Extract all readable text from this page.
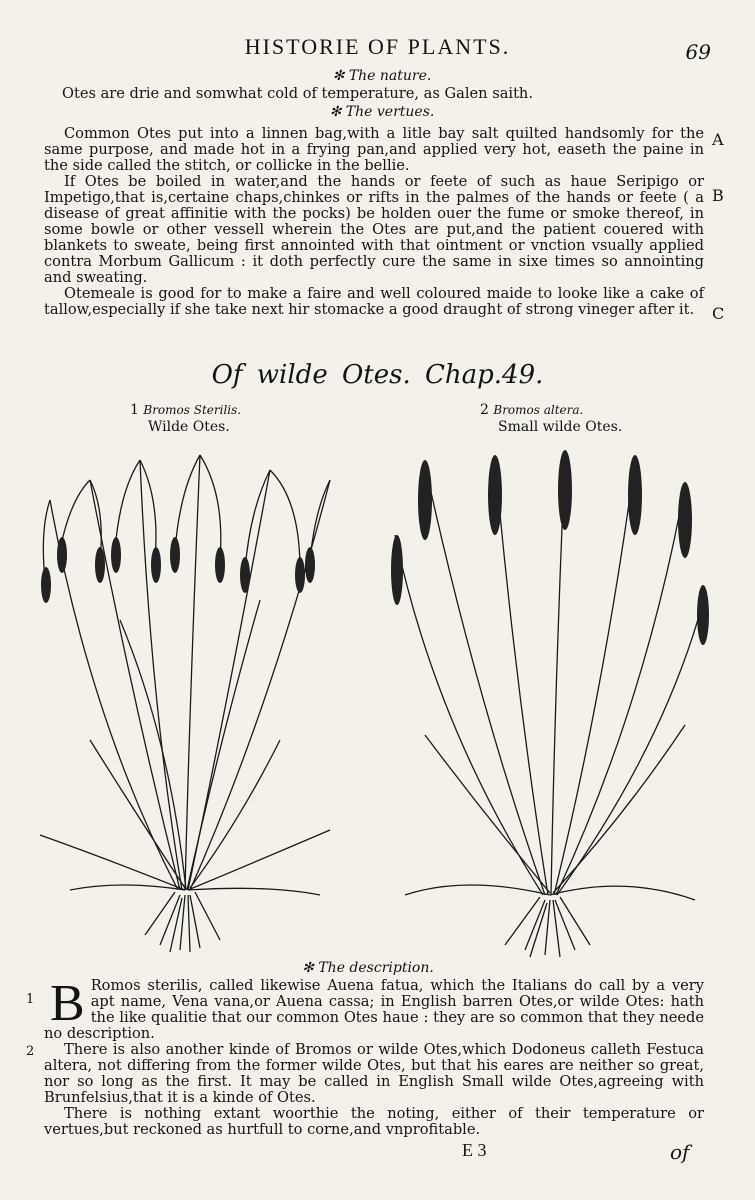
HISTORIE OF PLANTS.	69
✻ The nature.

Otes are drie and somwhat cold of temperature, as Galen saith.

✻ The vertues.

Common Otes put into a linnen bag,with a litle bay salt quilted handsomly for the same purpose, and made hot in a frying pan,and applied very hot, easeth the paine in the side called the stitch, or collicke in the bellie.

If Otes be boiled in water,and the hands or feete of such as haue Seripigo or Impetigo,that is,certaine chaps,chinkes or rifts in the palmes of the hands or feete ( a disease of great affinitie with the pocks) be holden ouer the fume or smoke thereof, in some bowle or other vessell wherein the Otes are put,and the patient couered with blankets to sweate, being first annointed with that ointment or vnction vsually applied contra Morbum Gallicum : it doth perfectly cure the same in sixe times so annointing and sweating.

Otemeale is good for to make a faire and well coloured maide to looke like a cake of tallow,especially if she take next hir stomacke a good draught of strong vineger after it.

A
B
C
Of wilde Otes. Chap.49.
1 Bromos Sterilis.
Wilde Otes.
2 Bromos altera.
Small wilde Otes.
✻ The description.
1 B Romos sterilis, called likewise Auena fatua, which the Italians do call by a very apt name, Vena vana,or Auena cassa; in English barren Otes,or wilde Otes: hath the like qualitie that our common Otes haue : they are so common that they neede no description.

2	There is also another kinde of Bromos or wilde Otes,which Dodoneus calleth Festuca altera, not differing from the former wilde Otes, but that his eares are neither so great, nor so long as the first. It may be called in English Small wilde Otes,agreeing with Brunfelsius,that it is a kinde of Otes.

There is nothing extant woorthie the noting, either of their temperature or vertues,but reckoned as hurtfull to corne,and vnprofitable.

E 3	of
